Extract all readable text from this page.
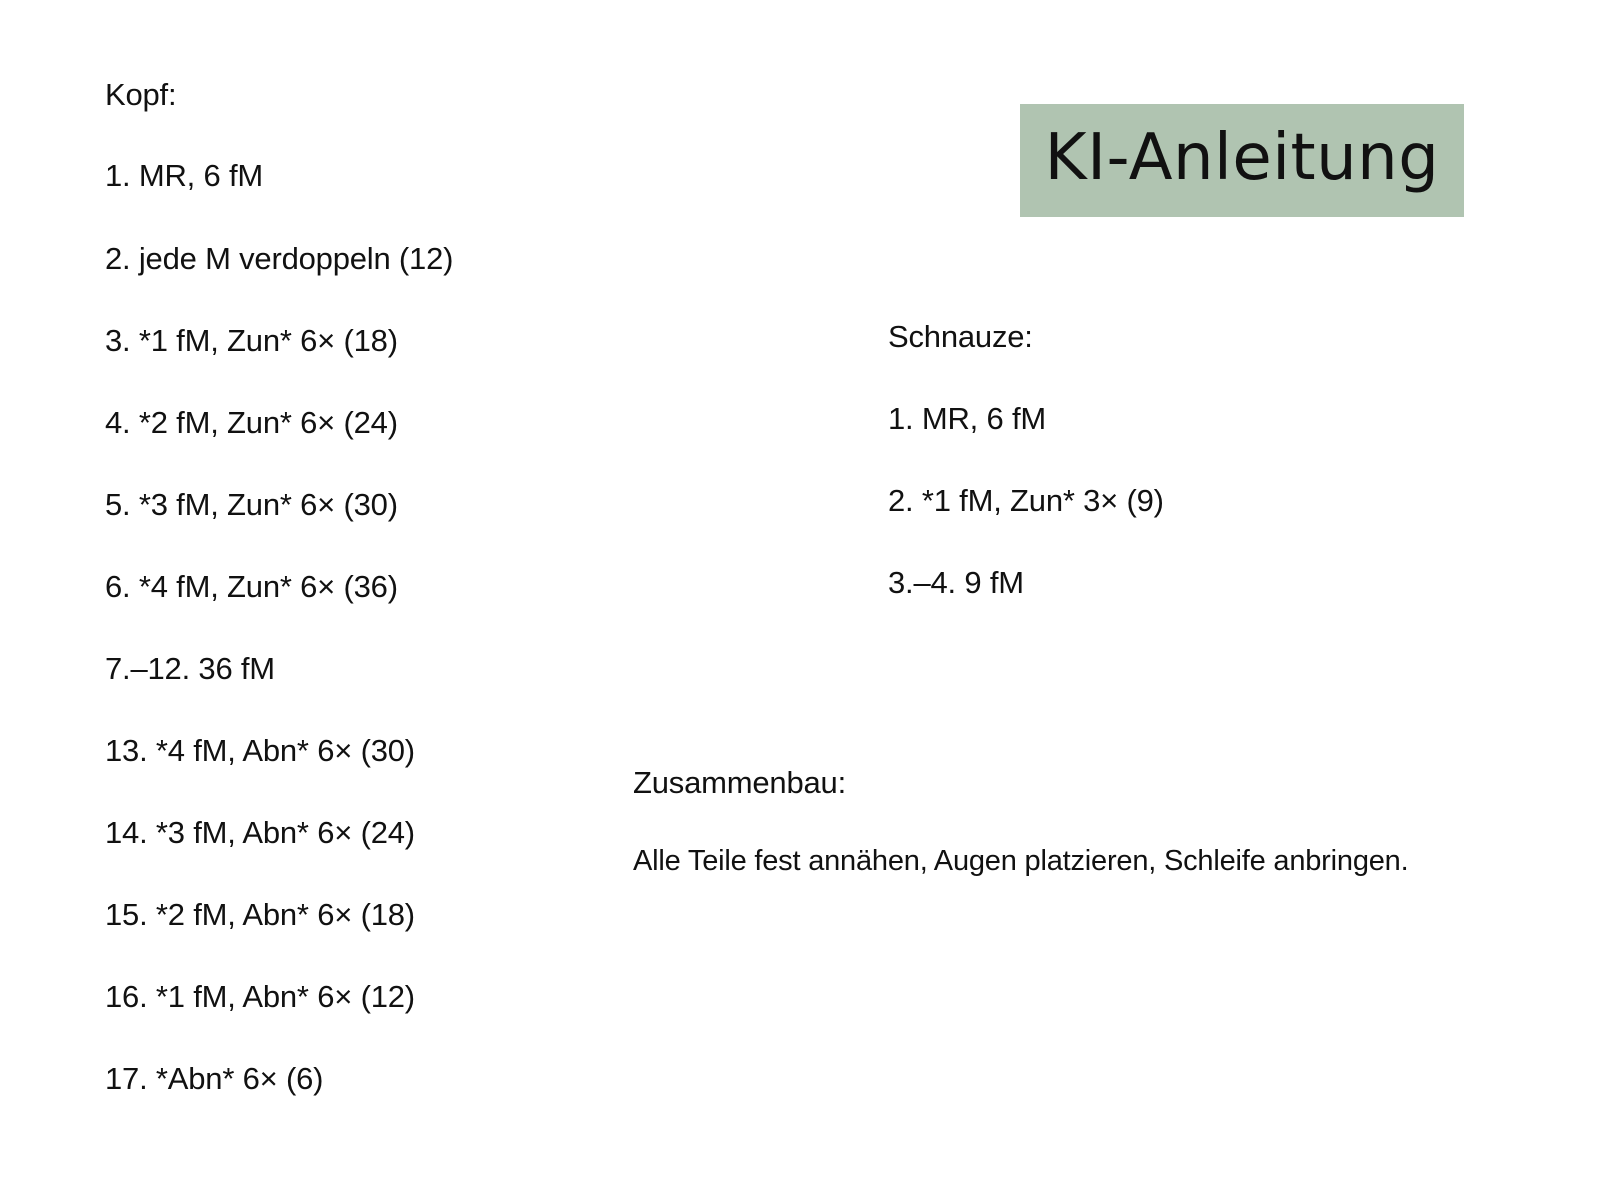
KI-Anleitung
Kopf:
1. MR, 6 fM
2. jede M verdoppeln (12)
3. *1 fM, Zun* 6× (18)
4. *2 fM, Zun* 6× (24)
5. *3 fM, Zun* 6× (30)
6. *4 fM, Zun* 6× (36)
7.–12. 36 fM
13. *4 fM, Abn* 6× (30)
14. *3 fM, Abn* 6× (24)
15. *2 fM, Abn* 6× (18)
16. *1 fM, Abn* 6× (12)
17. *Abn* 6× (6)
Schnauze:
1. MR, 6 fM
2. *1 fM, Zun* 3× (9)
3.–4. 9 fM
Zusammenbau:
Alle Teile fest annähen, Augen platzieren, Schleife anbringen.
